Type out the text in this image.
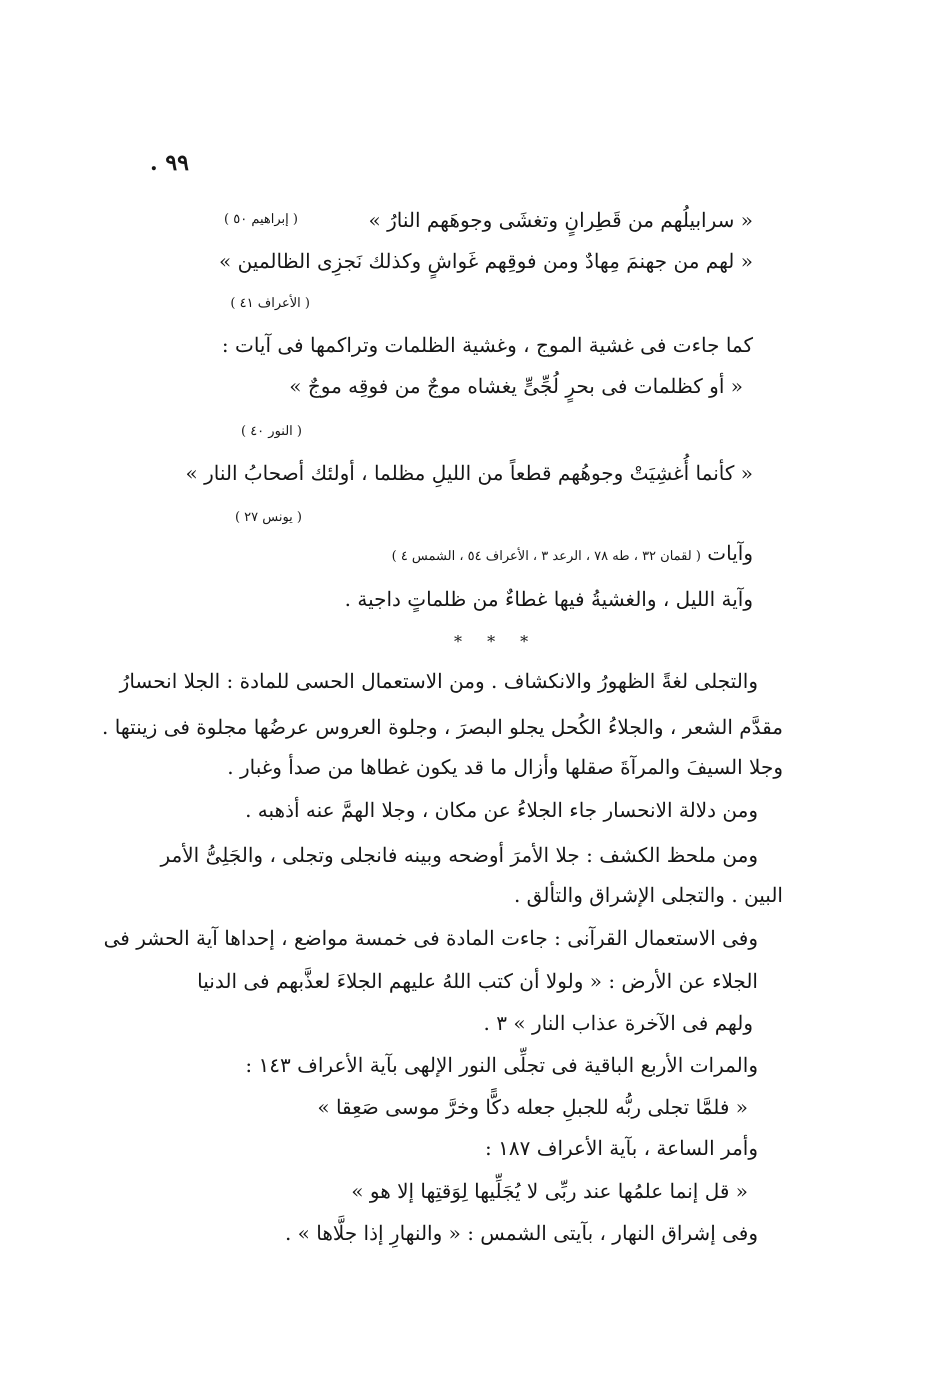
٩٩ .
« سرابيلُهم من قَطِرانٍ وتغشَى وجوهَهم النارُ »
( إبراهيم ٥٠ )
« لهم من جهنمَ مِهادٌ ومن فوقِهم غَواشٍ وكذلك نَجزِى الظالمين »
( الأعراف ٤١ )
كما جاءت فى غشية الموج ، وغشية الظلمات وتراكمها فى آيات :
« أو كظلمات فى بحرٍ لُجِّىٍّ يغشاه موجٌ من فوقِه موجٌ »
( النور ٤٠ )
« كأنما أُغشِيَتْ وجوهُهم قطعاً من الليلِ مظلما ، أولئك أصحابُ النار »
( يونس ٢٧ )
وآيات ( لقمان ٣٢ ، طه ٧٨ ، الرعد ٣ ، الأعراف ٥٤ ، الشمس ٤ )
وآية الليل ، والغشيةُ فيها غطاءٌ من ظلماتٍ داجية .
* * *
والتجلى لغةً الظهورُ والانكشاف . ومن الاستعمال الحسى للمادة : الجلا انحسارُ
مقدَّم الشعر ، والجلاءُ الكُحل يجلو البصرَ ، وجلوة العروس عرضُها مجلوة فى زينتها .
وجلا السيفَ والمرآةَ صقلها وأزال ما قد يكون غطاها من صدأ وغبار .
ومن دلالة الانحسار جاء الجلاءُ عن مكان ، وجلا الهمَّ عنه أذهبه .
ومن ملحظ الكشف : جلا الأمرَ أوضحه وبينه فانجلى وتجلى ، والجَلِىُّ الأمر
البين . والتجلى الإشراق والتألق .
وفى الاستعمال القرآنى : جاءت المادة فى خمسة مواضع ، إحداها آية الحشر فى
الجلاء عن الأرض : « ولولا أن كتب اللهُ عليهم الجلاءَ لعذَّبهم فى الدنيا
ولهم فى الآخرة عذاب النار » ٣ .
والمرات الأربع الباقية فى تجلِّى النور الإلهى بآية الأعراف ١٤٣ :
« فلمَّا تجلى ربُّه للجبلِ جعله دكًّا وخرَّ موسى صَعِقا »
وأمر الساعة ، بآية الأعراف ١٨٧ :
« قل إنما علمُها عند ربِّى لا يُجَلِّيها لِوَقتِها إلا هو »
وفى إشراق النهار ، بآيتى الشمس : « والنهارِ إذا جلَّاها » .
